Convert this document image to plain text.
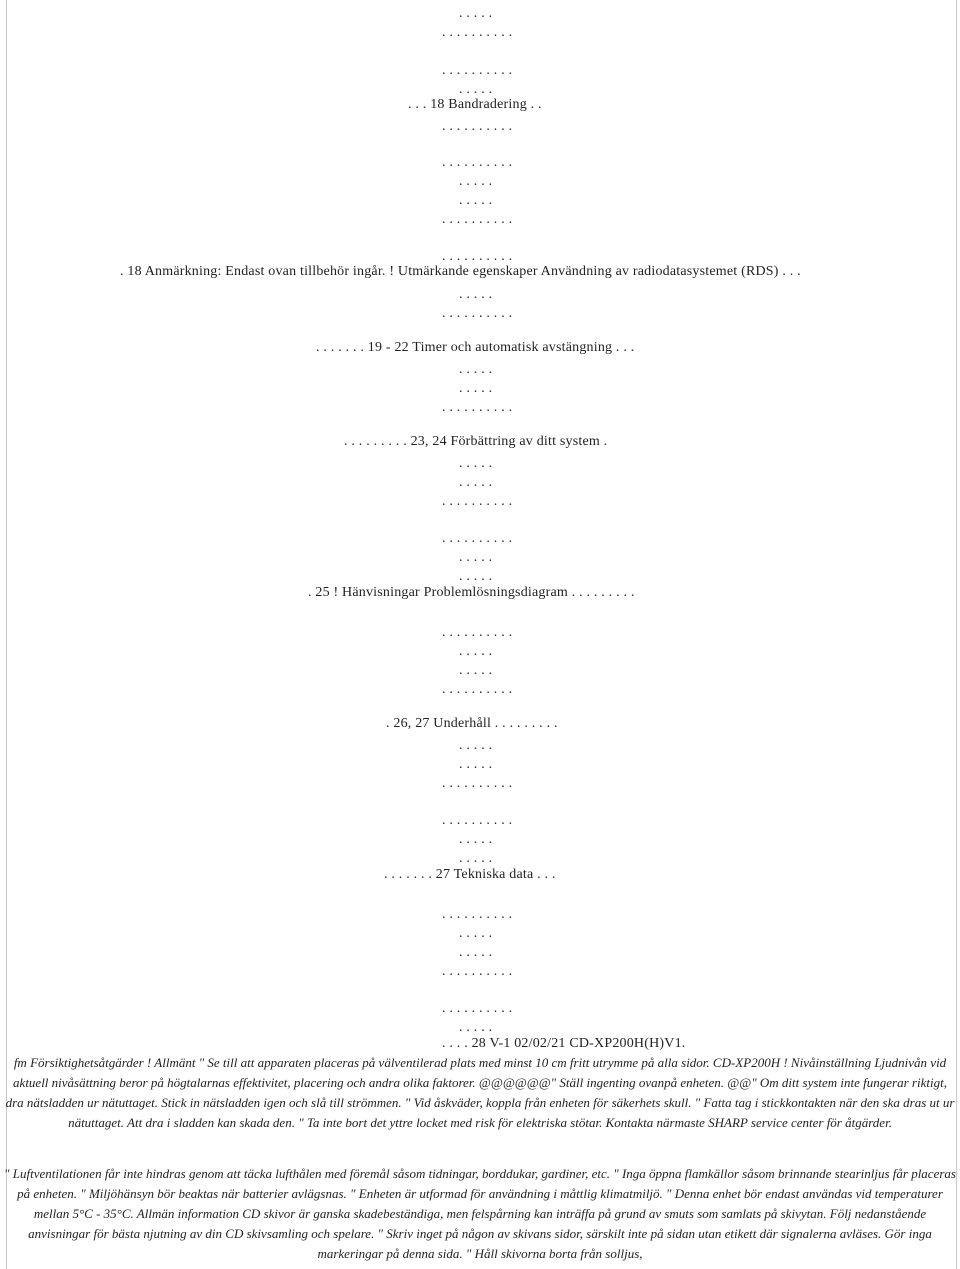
. . . . .
. . . . . . . . . .
. . . . . . . . . .
. . . . .
. . . 18 Bandradering . .
. . . . . . . . . .
. . . . . . . . . .
. . . . .
. . . . .
. . . . . . . . . .
. . . . . . . . . .
. 18 Anmärkning: Endast ovan tillbehör ingår. ! Utmärkande egenskaper Användning av radiodatasystemet (RDS) . . .
. . . . .
. . . . . . . . . .
. . . . . . . 19 - 22 Timer och automatisk avstängning . . .
. . . . .
. . . . .
. . . . . . . . . .
. . . . . . . . . 23, 24 Förbättring av ditt system .
. . . . .
. . . . .
. . . . . . . . . .
. . . . . . . . . .
. . . . .
. . . . .
. 25 ! Hänvisningar Problemlösningsdiagram . . . . . . . . .
. . . . . . . . . .
. . . . .
. . . . .
. . . . . . . . . .
. 26, 27 Underhåll . . . . . . . . .
. . . . .
. . . . .
. . . . . . . . . .
. . . . . . . . . .
. . . . .
. . . . .
. . . . . . . 27 Tekniska data . . .
. . . . . . . . . .
. . . . .
. . . . .
. . . . . . . . . .
. . . . . . . . . .
. . . . .
. . . . 28 V-1 02/02/21 CD-XP200H(H)V1.

fm Försiktighetsåtgärder ! Allmänt " Se till att apparaten placeras på välventilerad plats med minst 10 cm fritt utrymme på alla sidor. CD-XP200H ! Nivåinställning Ljudnivån vid aktuell nivåsättning beror på högtalarnas effektivitet, placering och andra olika faktorer. @@@@@@" Ställ ingenting ovanpå enheten. @@" Om ditt system inte fungerar riktigt, dra nätsladden ur nätuttaget. Stick in nätsladden igen och slå till strömmen. " Vid åskväder, koppla från enheten för säkerhets skull. " Fatta tag i stickkontakten när den ska dras ut ur nätuttaget. Att dra i sladden kan skada den. " Ta inte bort det yttre locket med risk för elektriska stötar. Kontakta närmaste SHARP service center för åtgärder.

" Luftventilationen får inte hindras genom att täcka lufthålen med föremål såsom tidningar, borddukar, gardiner, etc. " Inga öppna flamkällor såsom brinnande stearinljus får placeras på enheten. " Miljöhänsyn bör beaktas när batterier avlägsnas. " Enheten är utformad för användning i måttlig klimatmiljö. " Denna enhet bör endast användas vid temperaturer mellan 5°C - 35°C. Allmän information CD skivor är ganska skadebeständiga, men felspårning kan inträffa på grund av smuts som samlats på skivytan. Följ nedanstående anvisningar för bästa njutning av din CD skivsamling och spelare. " Skriv inget på någon av skivans sidor, särskilt inte på sidan utan etikett där signalerna avläses. Gör inga markeringar på denna sida. " Håll skivorna borta från solljus,
